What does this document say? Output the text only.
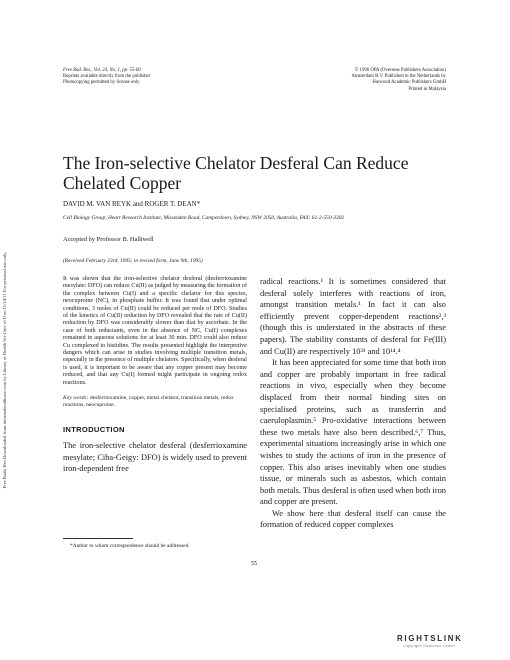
Free Radic Res Downloaded from informahealthcare.com by Library of Health Sci-Univ of Il on 11/14/11 For personal use only.
Free Rad. Res., Vol. 24, No. 1, pp. 55-60
Reprints available directly from the publisher
Photocopying permitted by license only
© 1996 OPA (Overseas Publishers Association)
Amsterdam B.V. Published in the Netherlands by
Harwood Academic Publishers GmbH
Printed in Malaysia
The Iron-selective Chelator Desferal Can Reduce Chelated Copper
DAVID M. VAN REYK and ROGER T. DEAN*
Cell Biology Group, Heart Research Institute, Missenden Road, Camperdown, Sydney, NSW 2050, Australia, FAX: 61-2-550-3302
Accepted by Professor B. Halliwell
(Received February 23rd, 1995; in revised form, June 9th, 1995)

It was shown that the iron-selective chelator desferal (desferrioxamine mesylate: DFO) can reduce Cu(II) as judged by measuring the formation of the complex between Cu(I) and a specific chelator for this species, neocuproine (NC), in phosphate buffer. It was found that under optimal conditions, 3 moles of Cu(II) could be reduced per mole of DFO. Studies of the kinetics of Cu(II) reduction by DFO revealed that the rate of Cu(II) reduction by DFO was considerably slower than that by ascorbate. In the case of both reductants, even in the absence of NC, Cu(I) complexes remained in aqueous solutions for at least 30 min. DFO could also reduce Cu complexed to histidine. The results presented highlight the interpretive dangers which can arise in studies involving multiple transition metals, especially in the presence of multiple chelators. Specifically, when desferal is used, it is important to be aware that any copper present may become reduced, and that any Cu(I) formed might participate in ongoing redox reactions.

Key words: desferrioxamine, copper, metal chelator, transition metals, redox reactions, neocuproine.

INTRODUCTION

The iron-selective chelator desferal (desferrioxamine mesylate; Ciba-Geigy: DFO) is widely used to prevent iron-dependent free

radical reactions.¹ It is sometimes considered that desferal solely interferes with reactions of iron, amongst transition metals.¹ In fact it can also efficiently prevent copper-dependent reactions²,³ (though this is understated in the abstracts of these papers). The stability constants of desferal for Fe(III) and Cu(II) are respectively 10³¹ and 10¹⁴.⁴

It has been appreciated for some time that both iron and copper are probably important in free radical reactions in vivo, especially when they become displaced from their normal binding sites on specialised proteins, such as transferrin and caeruloplasmin.⁵ Pro-oxidative interactions between these two metals have also been described.⁶,⁷ Thus, experimental situations increasingly arise in which one wishes to study the actions of iron in the presence of copper. This also arises inevitably when one studies tissue, or minerals such as asbestos, which contain both metals. Thus desferal is often used when both iron and copper are present.

We show here that desferal itself can cause the formation of reduced copper complexes

*Author to whom correspondence should be addressed.
55
RIGHTSLINK
Copyright Clearance Center
